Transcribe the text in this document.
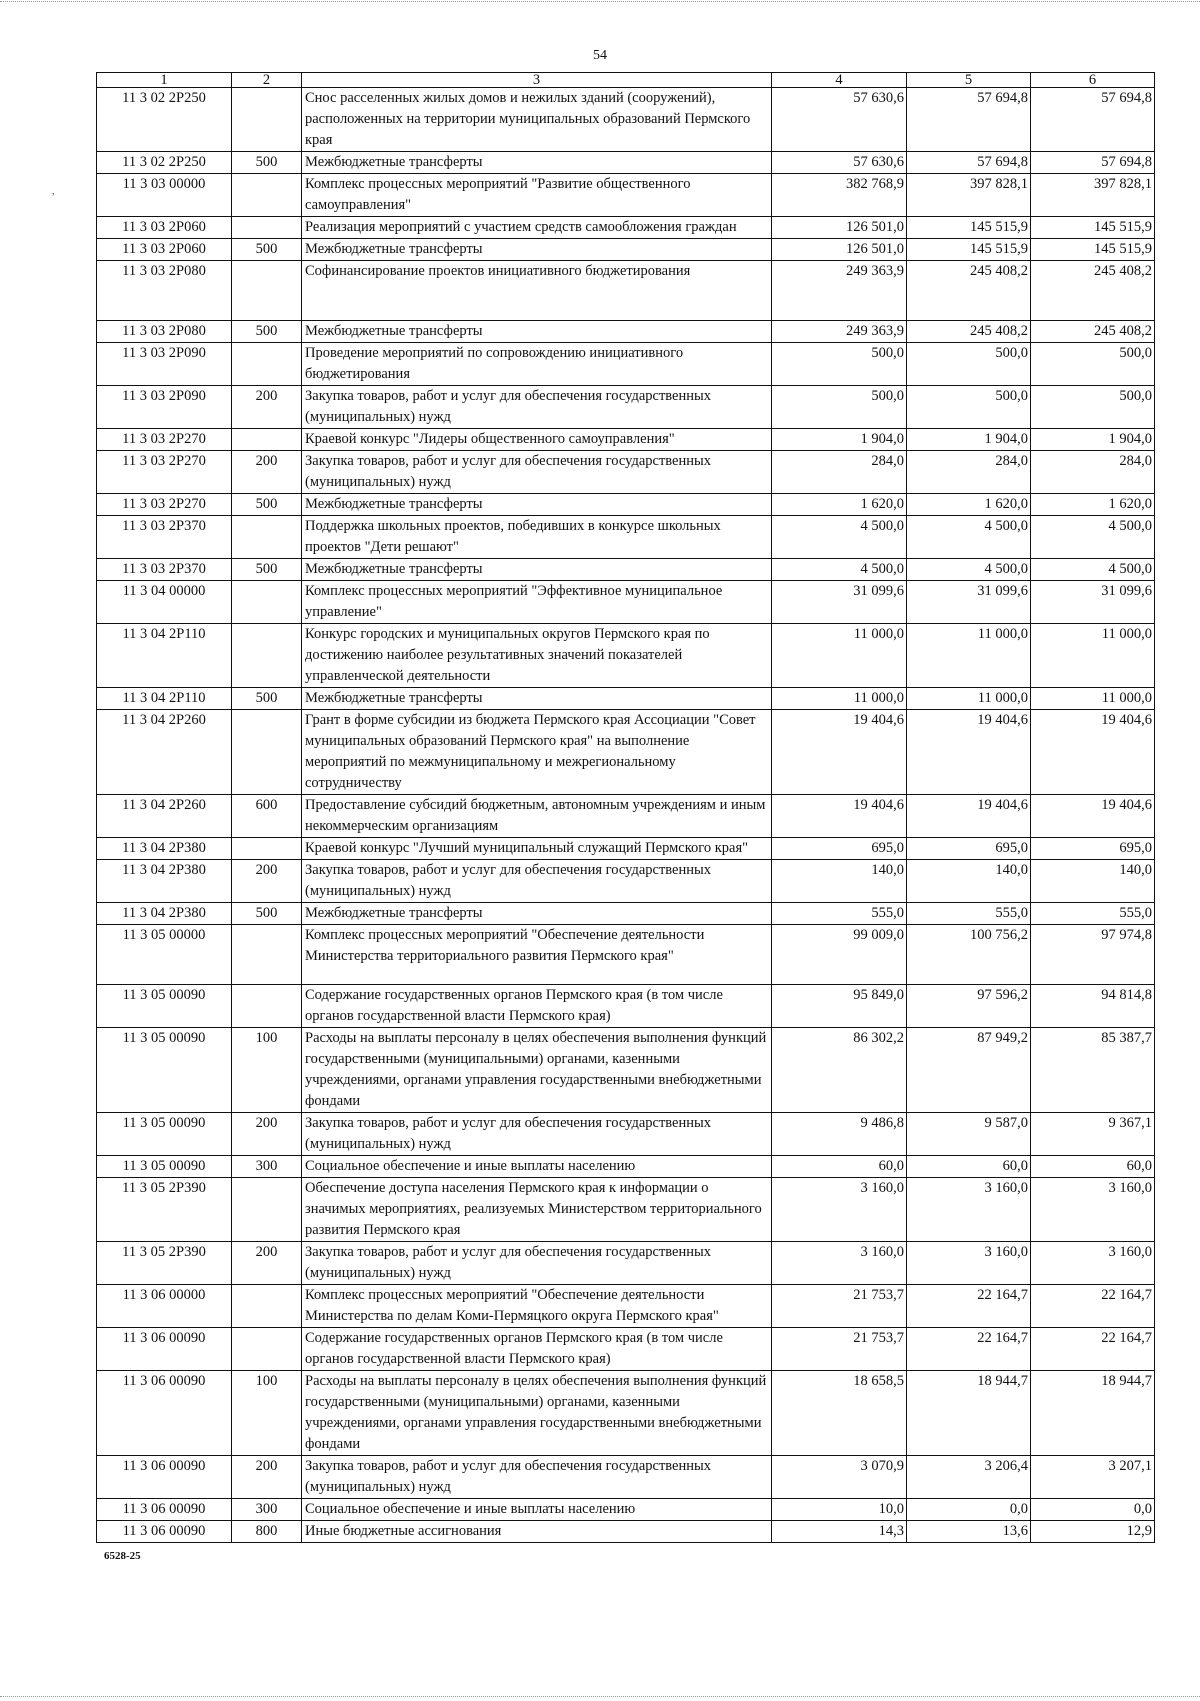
,
54
1	2	3	4	5	6
11 3 02 2P250		Снос расселенных жилых домов и нежилых зданий (сооружений), расположенных на территории муниципальных образований Пермского края	57 630,6	57 694,8	57 694,8
11 3 02 2P250	500	Межбюджетные трансферты	57 630,6	57 694,8	57 694,8
11 3 03 00000		Комплекс процессных мероприятий "Развитие общественного самоуправления"	382 768,9	397 828,1	397 828,1
11 3 03 2P060		Реализация мероприятий с участием средств самообложения граждан	126 501,0	145 515,9	145 515,9
11 3 03 2P060	500	Межбюджетные трансферты	126 501,0	145 515,9	145 515,9
11 3 03 2P080		Софинансирование проектов инициативного бюджетирования	249 363,9	245 408,2	245 408,2
11 3 03 2P080	500	Межбюджетные трансферты	249 363,9	245 408,2	245 408,2
11 3 03 2P090		Проведение мероприятий по сопровождению инициативного бюджетирования	500,0	500,0	500,0
11 3 03 2P090	200	Закупка товаров, работ и услуг для обеспечения государственных (муниципальных) нужд	500,0	500,0	500,0
11 3 03 2P270		Краевой конкурс "Лидеры общественного самоуправления"	1 904,0	1 904,0	1 904,0
11 3 03 2P270	200	Закупка товаров, работ и услуг для обеспечения государственных (муниципальных) нужд	284,0	284,0	284,0
11 3 03 2P270	500	Межбюджетные трансферты	1 620,0	1 620,0	1 620,0
11 3 03 2P370		Поддержка школьных проектов, победивших в конкурсе школьных проектов "Дети решают"	4 500,0	4 500,0	4 500,0
11 3 03 2P370	500	Межбюджетные трансферты	4 500,0	4 500,0	4 500,0
11 3 04 00000		Комплекс процессных мероприятий "Эффективное муниципальное управление"	31 099,6	31 099,6	31 099,6
11 3 04 2P110		Конкурс городских и муниципальных округов Пермского края по достижению наиболее результативных значений показателей управленческой деятельности	11 000,0	11 000,0	11 000,0
11 3 04 2P110	500	Межбюджетные трансферты	11 000,0	11 000,0	11 000,0
11 3 04 2P260		Грант в форме субсидии из бюджета Пермского края Ассоциации "Совет муниципальных образований Пермского края" на выполнение мероприятий по межмуниципальному и межрегиональному сотрудничеству	19 404,6	19 404,6	19 404,6
11 3 04 2P260	600	Предоставление субсидий бюджетным, автономным учреждениям и иным некоммерческим организациям	19 404,6	19 404,6	19 404,6
11 3 04 2P380		Краевой конкурс "Лучший муниципальный служащий Пермского края"	695,0	695,0	695,0
11 3 04 2P380	200	Закупка товаров, работ и услуг для обеспечения государственных (муниципальных) нужд	140,0	140,0	140,0
11 3 04 2P380	500	Межбюджетные трансферты	555,0	555,0	555,0
11 3 05 00000		Комплекс процессных мероприятий "Обеспечение деятельности Министерства территориального развития Пермского края"	99 009,0	100 756,2	97 974,8
11 3 05 00090		Содержание государственных органов Пермского края (в том числе органов государственной власти Пермского края)	95 849,0	97 596,2	94 814,8
11 3 05 00090	100	Расходы на выплаты персоналу в целях обеспечения выполнения функций государственными (муниципальными) органами, казенными учреждениями, органами управления государственными внебюджетными фондами	86 302,2	87 949,2	85 387,7
11 3 05 00090	200	Закупка товаров, работ и услуг для обеспечения государственных (муниципальных) нужд	9 486,8	9 587,0	9 367,1
11 3 05 00090	300	Социальное обеспечение и иные выплаты населению	60,0	60,0	60,0
11 3 05 2P390		Обеспечение доступа населения Пермского края к информации о значимых мероприятиях, реализуемых Министерством территориального развития Пермского края	3 160,0	3 160,0	3 160,0
11 3 05 2P390	200	Закупка товаров, работ и услуг для обеспечения государственных (муниципальных) нужд	3 160,0	3 160,0	3 160,0
11 3 06 00000		Комплекс процессных мероприятий "Обеспечение деятельности Министерства по делам Коми-Пермяцкого округа Пермского края"	21 753,7	22 164,7	22 164,7
11 3 06 00090		Содержание государственных органов Пермского края (в том числе органов государственной власти Пермского края)	21 753,7	22 164,7	22 164,7
11 3 06 00090	100	Расходы на выплаты персоналу в целях обеспечения выполнения функций государственными (муниципальными) органами, казенными учреждениями, органами управления государственными внебюджетными фондами	18 658,5	18 944,7	18 944,7
11 3 06 00090	200	Закупка товаров, работ и услуг для обеспечения государственных (муниципальных) нужд	3 070,9	3 206,4	3 207,1
11 3 06 00090	300	Социальное обеспечение и иные выплаты населению	10,0	0,0	0,0
11 3 06 00090	800	Иные бюджетные ассигнования	14,3	13,6	12,9
6528-25
